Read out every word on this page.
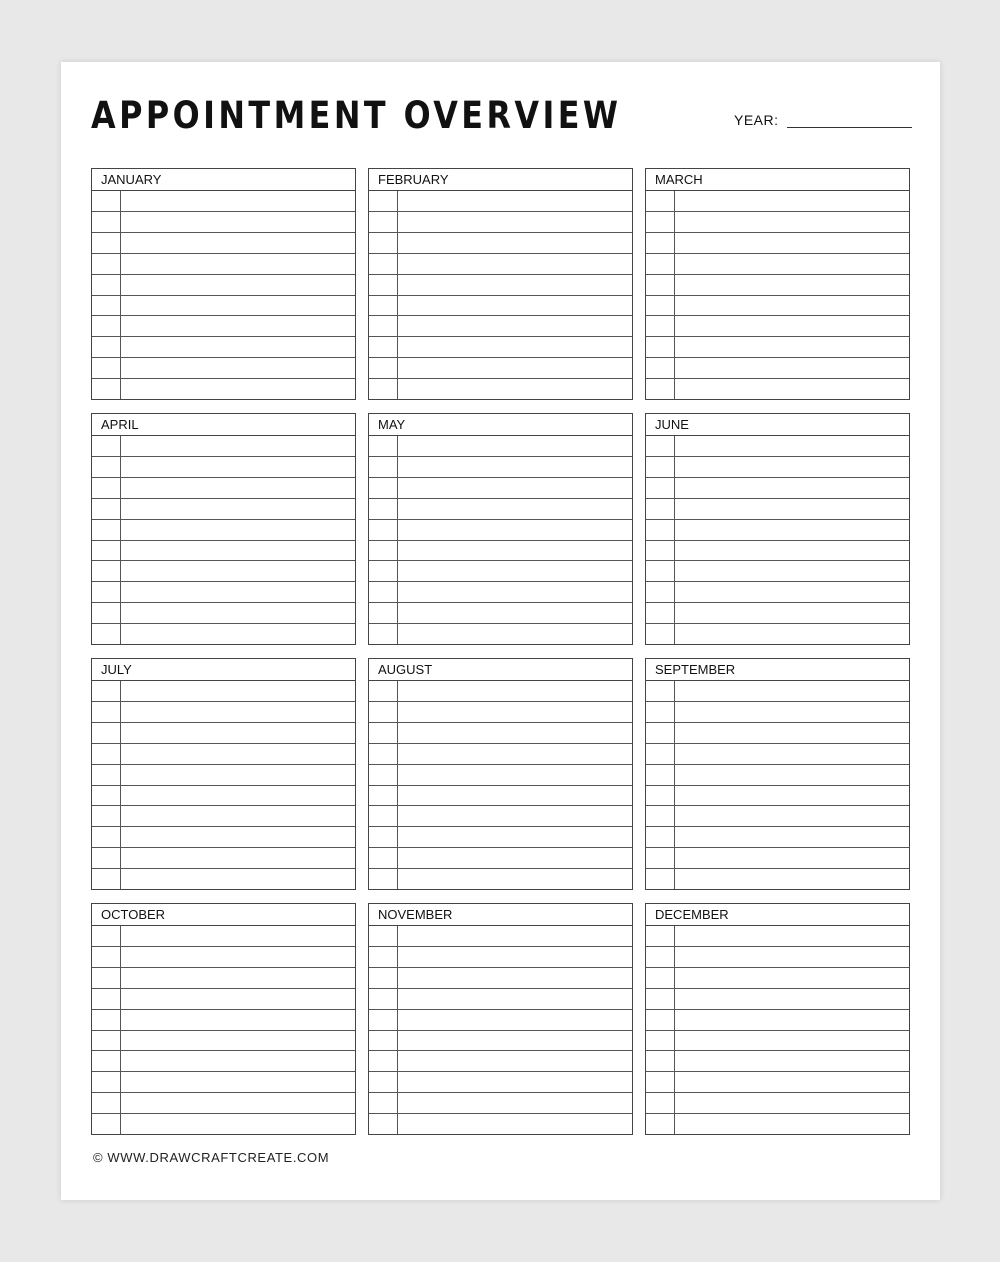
APPOINTMENT OVERVIEW	YEAR:
JANUARY	FEBRUARY	MARCH
APRIL	MAY	JUNE
JULY	AUGUST	SEPTEMBER
OCTOBER	NOVEMBER	DECEMBER
© WWW.DRAWCRAFTCREATE.COM
